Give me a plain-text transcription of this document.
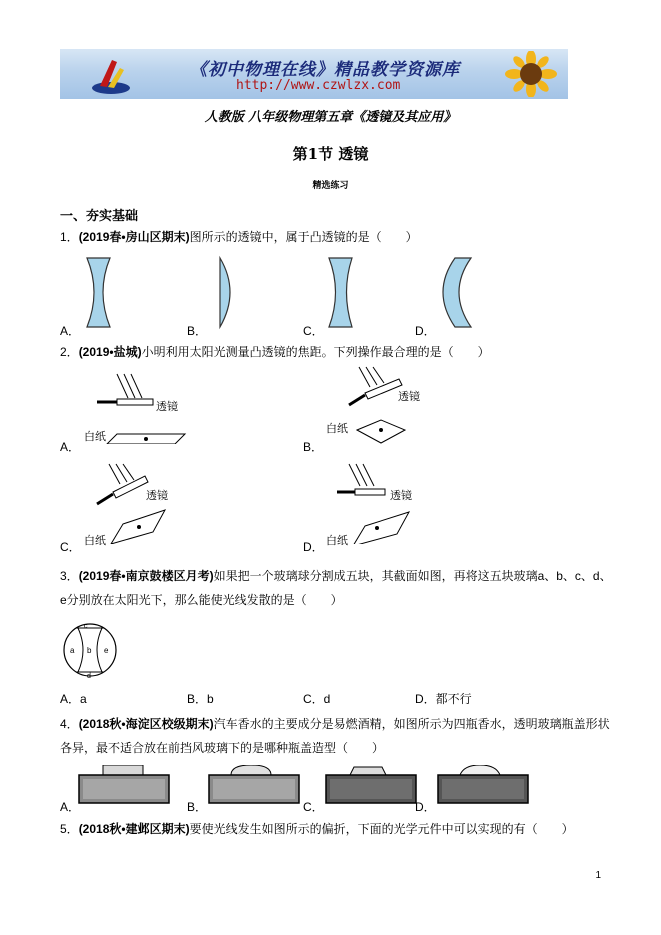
《初中物理在线》精品教学资源库
http://www.czwlzx.com
人教版 八年级物理第五章《透镜及其应用》
第1节 透镜
精选练习
一、夯实基础
1．(2019春•房山区期末)图所示的透镜中，属于凸透镜的是（　　）
A．	B．	C．	D．
2．(2019•盐城)小明利用太阳光测量凸透镜的焦距。下列操作最合理的是（　　）
透镜
白纸
A．
透镜
白纸
B．
透镜
白纸
C．
透镜
白纸
D．
3．(2019春•南京鼓楼区月考)如果把一个玻璃球分割成五块，其截面如图，再将这五块玻璃a、b、c、d、
e分别放在太阳光下，那么能使光线发散的是（　　）
c
a b e
d
A．a	B．b	C．d	D．都不行
4．(2018秋•海淀区校级期末)汽车香水的主要成分是易燃酒精，如图所示为四瓶香水，透明玻璃瓶盖形状
各异，最不适合放在前挡风玻璃下的是哪种瓶盖造型（　　）
A．	B．	C．	D．
5．(2018秋•建邺区期末)要使光线发生如图所示的偏折，下面的光学元件中可以实现的有（　　）
1
